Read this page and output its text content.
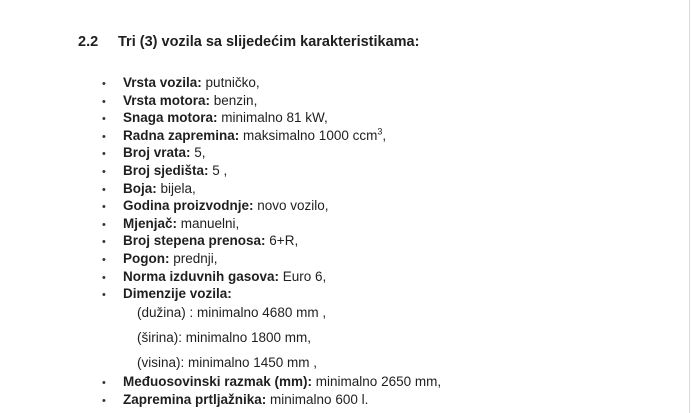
2.2 Tri (3) vozila sa slijedećim karakteristikama:
• Vrsta vozila: putničko,
• Vrsta motora: benzin,
• Snaga motora: minimalno 81 kW,
• Radna zapremina: maksimalno 1000 ccm$^3$,
• Broj vrata: 5,
• Broj sjedišta: 5 ,
• Boja: bijela,
• Godina proizvodnje: novo vozilo,
• Mjenjač: manuelni,
• Broj stepena prenosa: 6+R,
• Pogon: prednji,
• Norma izduvnih gasova: Euro 6,
• Dimenzije vozila:
(dužina) : minimalno 4680 mm ,
(širina): minimalno 1800 mm,
(visina): minimalno 1450 mm ,
• Međuosovinski razmak (mm): minimalno 2650 mm,
• Zapremina prtljažnika: minimalno 600 l.
